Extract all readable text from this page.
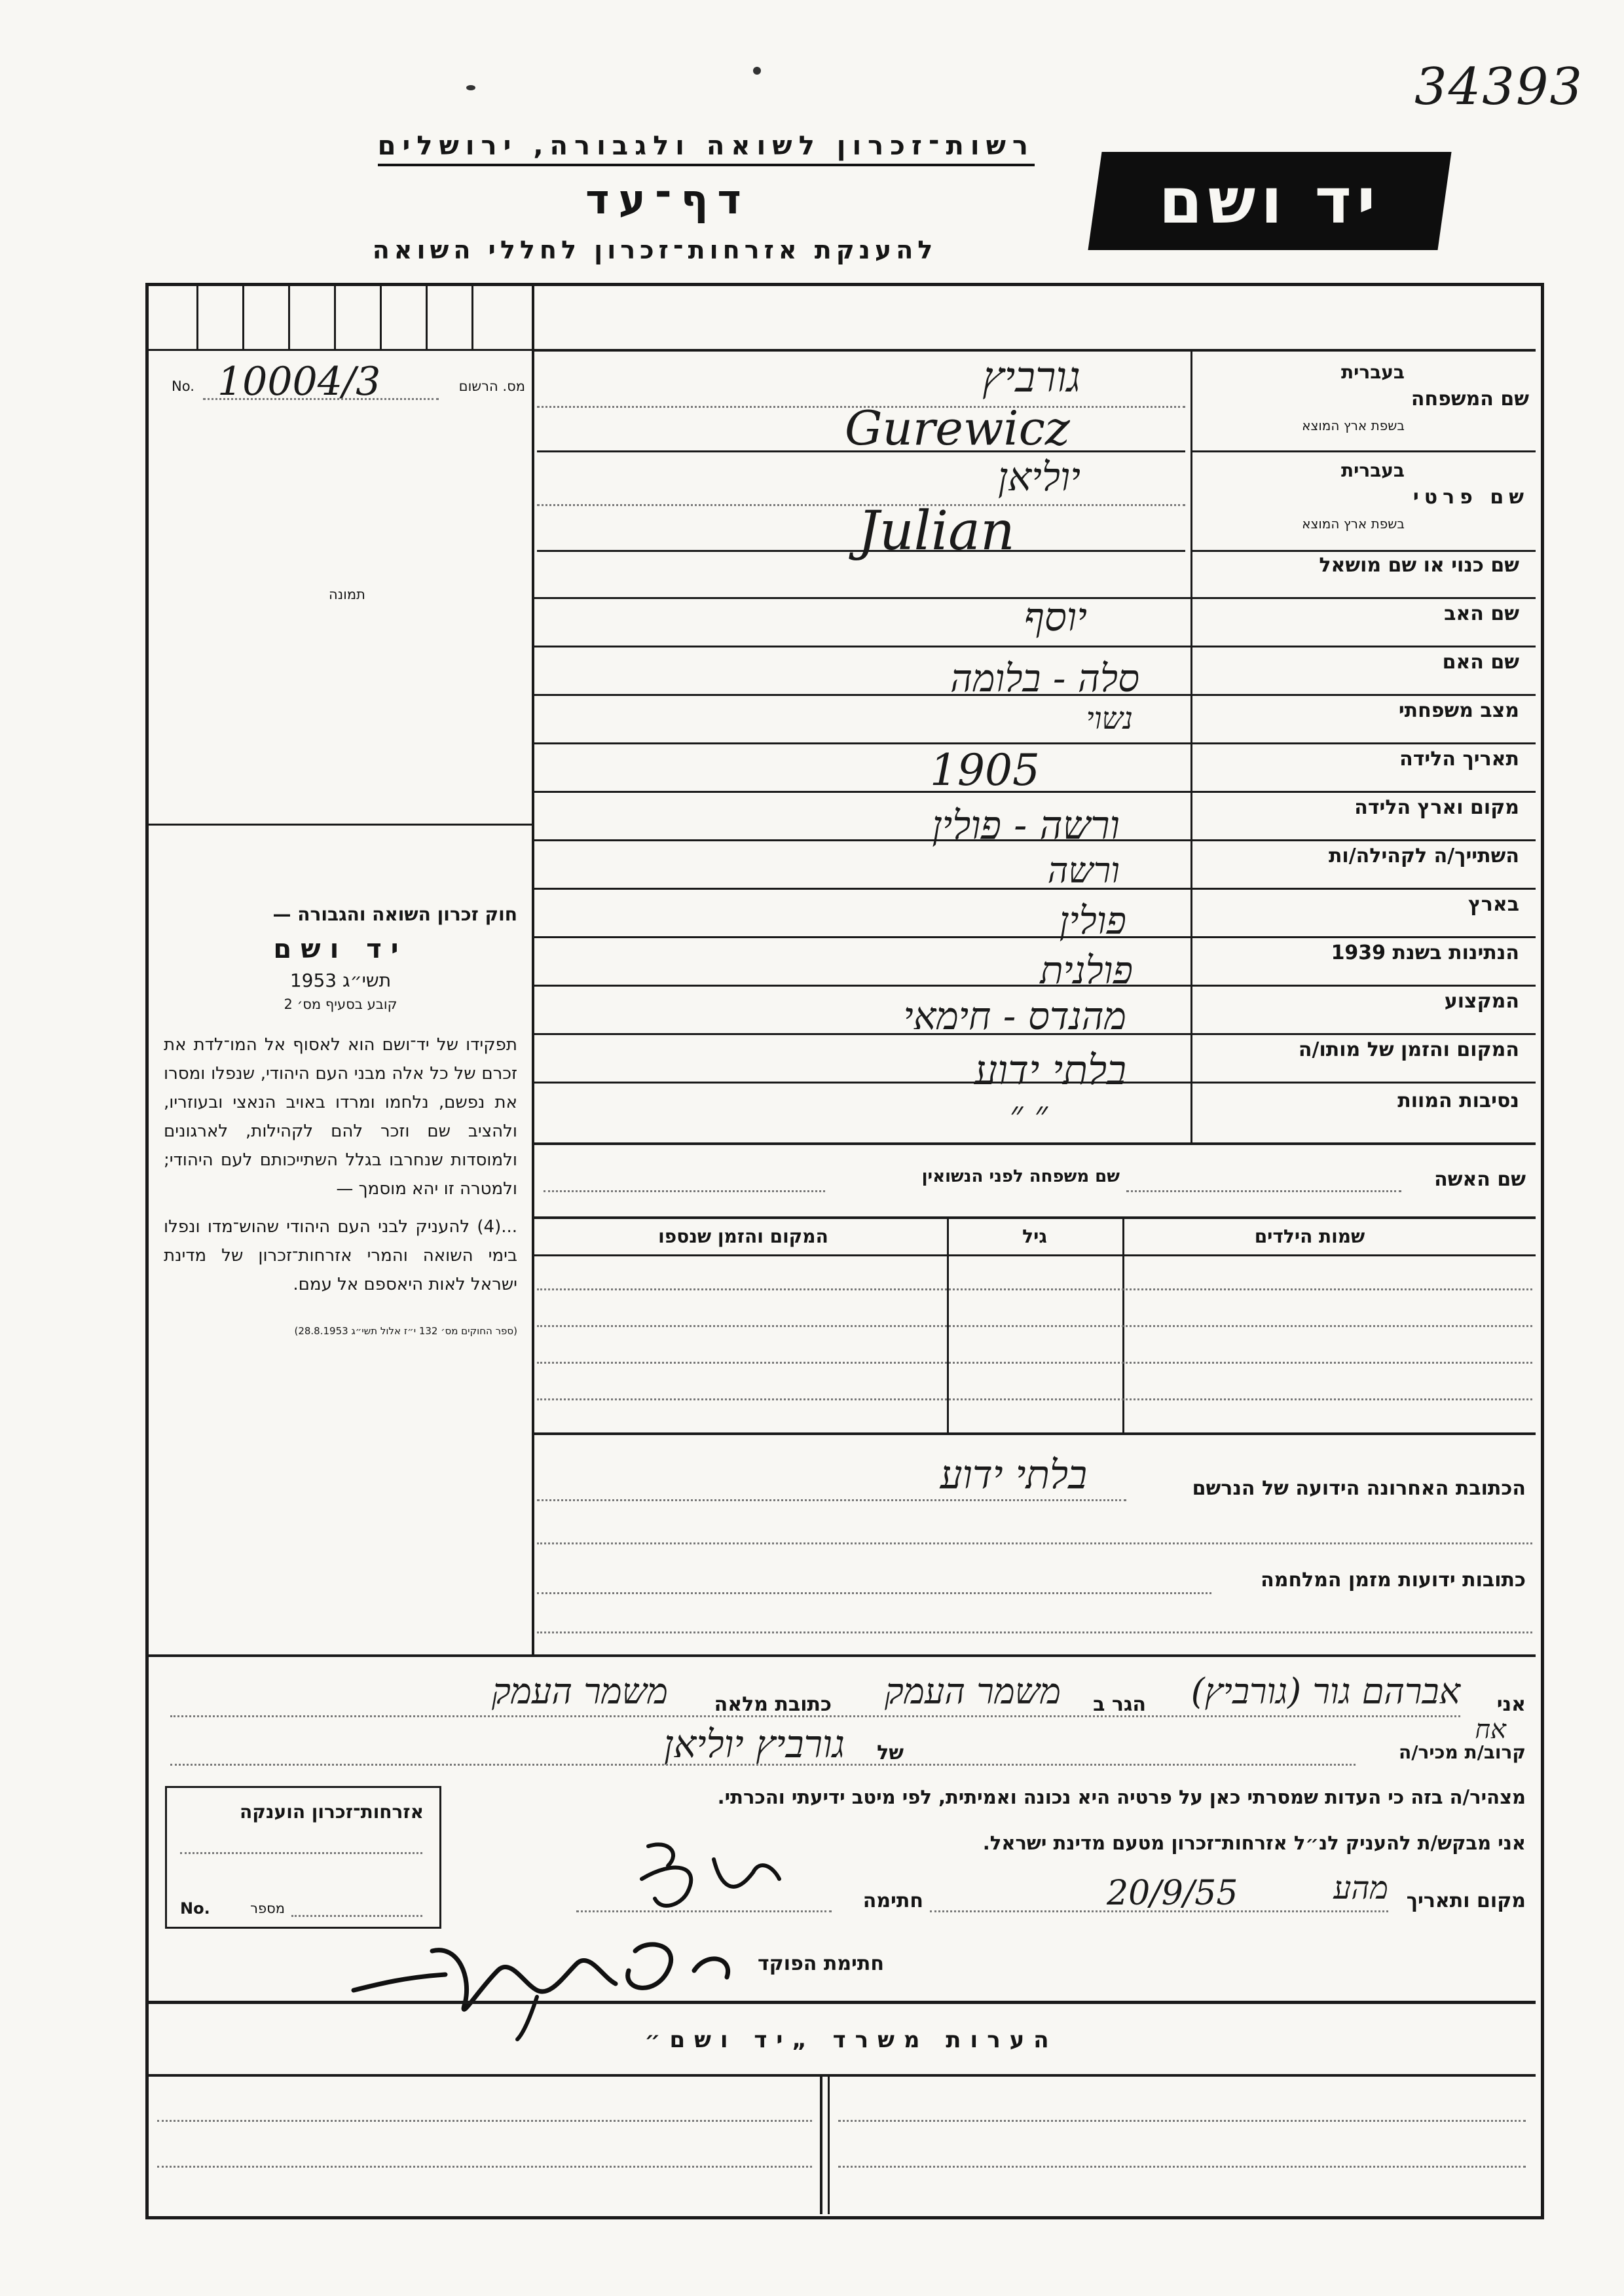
34393
רשות־זכרון לשואה ולגבורה, ירושלים
דף־עד
להענקת אזרחות־זכרון לחללי השואה
יד ושם
No. 10004/3	מס. הרשום
תמונה
חוק זכרון השואה והגבורה —
יד ושם
תשי״ג 1953
קובע בסעיף מס׳ 2
תפקידו של יד־ושם הוא לאסוף אל המו־לדת את זכרם של כל אלה מבני העם היהודי, שנפלו ומסרו את נפשם, נלחמו ומרדו באויב הנאצי ובעוזריו, ולהציב שם וזכר להם לקהילות, לארגונים ולמוסדות שנחרבו בגלל השתייכותם לעם היהודי; ולמטרה זו יהא מוסמך —
...(4) להעניק לבני העם היהודי שהוש־מדו ונפלו בימי השואה והמרי אזרחות־זכרון של מדינת ישראל לאות היאספם אל עמם.
(ספר החוקים מס׳ 132 י״ז אלול תשי״ג 28.8.1953)
שם המשפחה
בעברית
בשפת ארץ המוצא
גורביץ
Gurewicz
שם פרטי
בעברית
בשפת ארץ המוצא
יוליאן
Julian
שם כנוי או שם מושאל
שם האב
יוסף
שם האם
סלה - בלומה
מצב משפחתי
נשוי
תאריך הלידה
1905
מקום וארץ הלידה
ורשה - פולין
השתייך/ה לקהילה/ות
ורשה
בארץ
פולין
הנתינות בשנת 1939
פולנית
המקצוע
מהנדס - חימאי
המקום והזמן של מותו/ה
בלתי ידוע
נסיבות המוות
״ ״
שם האשה
שם משפחה לפני הנשואין
שמות הילדים
גיל
המקום והזמן שנספו
הכתובת האחרונה הידועה של הנרשם
בלתי ידוע
כתובות ידועות מזמן המלחמה
אני
אברהם גור (גורביץ)
הגר ב
משמר העמק
כתובת מלאה
משמר העמק
אח
קרוב/ת מכיר/ה
של
גורביץ יוליאן
מצהיר/ה בזה כי העדות שמסרתי כאן על פרטיה היא נכונה ואמיתית, לפי מיטב ידיעתי והכרתי.
אני מבקש/ת להעניק לנ״ל אזרחות־זכרון מטעם מדינת ישראל.
מקום ותאריך
מהע
20/9/55
חתימה
חתימת הפוקד
אזרחות־זכרון הוענקה
No.	מספר
הערות משרד „יד ושם״
